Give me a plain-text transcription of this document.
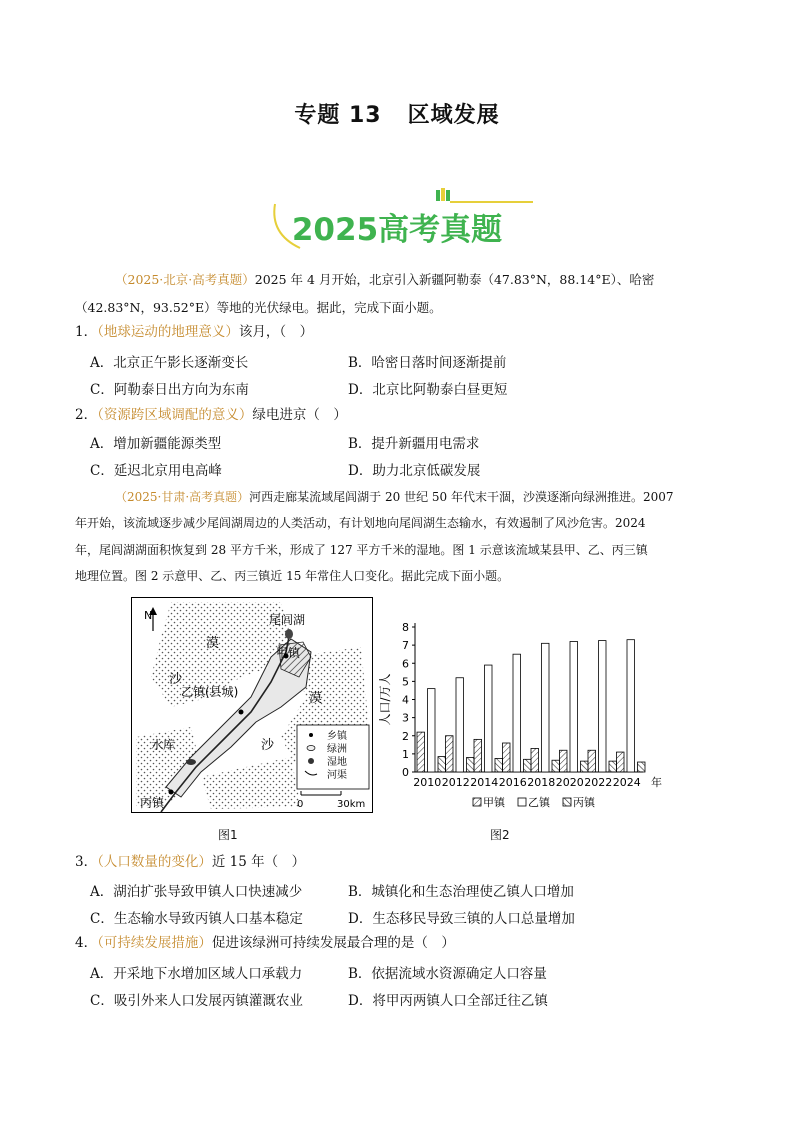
专题 13 区域发展
2025高考真题
（2025·北京·高考真题）2025 年 4 月开始，北京引入新疆阿勒泰（47.83°N，88.14°E）、哈密
（42.83°N，93.52°E）等地的光伏绿电。据此，完成下面小题。
1．（地球运动的地理意义）该月，（　）
A．北京正午影长逐渐变长	B．哈密日落时间逐渐提前
C．阿勒泰日出方向为东南	D．北京比阿勒泰白昼更短
2．（资源跨区域调配的意义）绿电进京（　）
A．增加新疆能源类型	B．提升新疆用电需求
C．延迟北京用电高峰	D．助力北京低碳发展
（2025·甘肃·高考真题）河西走廊某流域尾闾湖于 20 世纪 50 年代末干涸，沙漠逐渐向绿洲推进。2007
年开始，该流域逐步减少尾闾湖周边的人类活动，有计划地向尾闾湖生态输水，有效遏制了风沙危害。2024
年，尾闾湖湖面积恢复到 28 平方千米，形成了 127 平方千米的湿地。图 1 示意该流域某县甲、乙、丙三镇
地理位置。图 2 示意甲、乙、丙三镇近 15 年常住人口变化。据此完成下面小题。
N	尾闾湖
甲镇
乙镇(县城)
水库
丙镇
沙
漠
漠
沙
乡镇
绿洲
湿地
河渠
0	30km
图1
0
1
2
3
4
5
6
7
8
人口/万人
2010 2012 2014 2016 2018 2020 2022 2024 年
甲镇 乙镇 丙镇
图2
3．（人口数量的变化）近 15 年（　）
A．湖泊扩张导致甲镇人口快速减少	B．城镇化和生态治理使乙镇人口增加
C．生态输水导致丙镇人口基本稳定	D．生态移民导致三镇的人口总量增加
4．（可持续发展措施）促进该绿洲可持续发展最合理的是（　）
A．开采地下水增加区域人口承载力	B．依据流域水资源确定人口容量
C．吸引外来人口发展丙镇灌溉农业	D．将甲丙两镇人口全部迁往乙镇
